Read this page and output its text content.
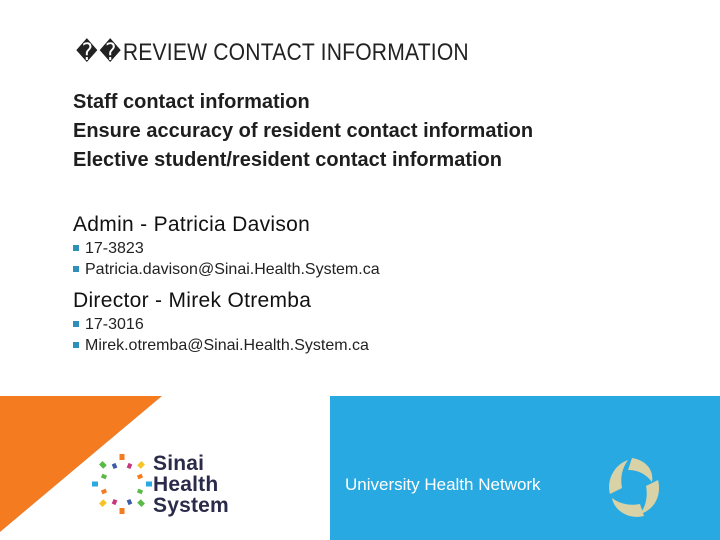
��REVIEW CONTACT INFORMATION
Staff contact information
Ensure accuracy of resident contact information
Elective student/resident contact information
Admin - Patricia Davison
17-3823
Patricia.davison@Sinai.Health.System.ca
Director - Mirek Otremba
17-3016
Mirek.otremba@Sinai.Health.System.ca
Sinai
Health
System
University Health Network
